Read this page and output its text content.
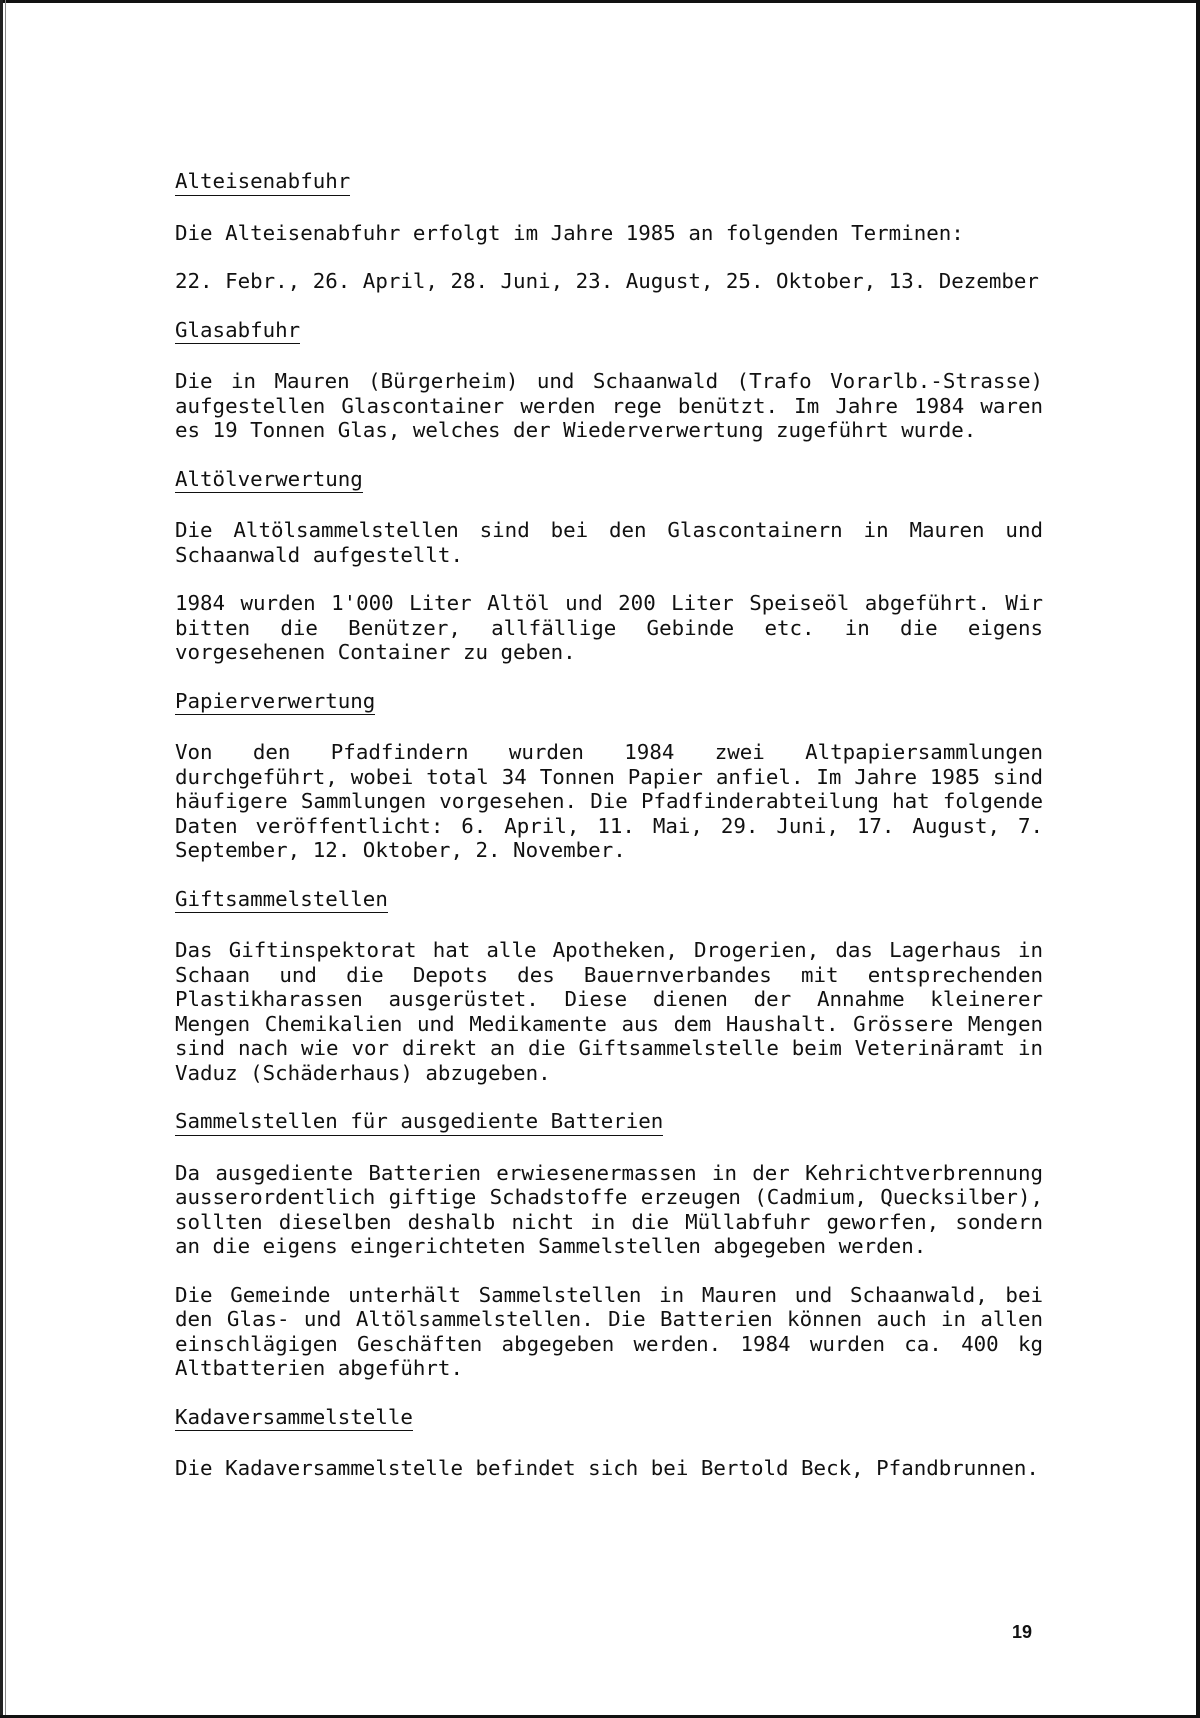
Alteisenabfuhr

Die Alteisenabfuhr erfolgt im Jahre 1985 an folgenden Terminen:

22. Febr., 26. April, 28. Juni, 23. August, 25. Oktober, 13. Dezember

Glasabfuhr

Die in Mauren (Bürgerheim) und Schaanwald (Trafo Vorarlb.-Strasse) aufgestellen Glascontainer werden rege benützt. Im Jahre 1984 waren es 19 Tonnen Glas, welches der Wiederverwertung zugeführt wurde.

Altölverwertung

Die Altölsammelstellen sind bei den Glascontainern in Mauren und Schaanwald aufgestellt.

1984 wurden 1'000 Liter Altöl und 200 Liter Speiseöl abgeführt. Wir bitten die Benützer, allfällige Gebinde etc. in die eigens vorgesehenen Container zu geben.

Papierverwertung

Von den Pfadfindern wurden 1984 zwei Altpapiersammlungen durchgeführt, wobei total 34 Tonnen Papier anfiel. Im Jahre 1985 sind häufigere Sammlungen vorgesehen. Die Pfadfinderabteilung hat folgende Daten veröffentlicht: 6. April, 11. Mai, 29. Juni, 17. August, 7. September, 12. Oktober, 2. November.

Giftsammelstellen

Das Giftinspektorat hat alle Apotheken, Drogerien, das Lagerhaus in Schaan und die Depots des Bauernverbandes mit entsprechenden Plastikharassen ausgerüstet. Diese dienen der Annahme kleinerer Mengen Chemikalien und Medikamente aus dem Haushalt. Grössere Mengen sind nach wie vor direkt an die Giftsammelstelle beim Veterinäramt in Vaduz (Schäderhaus) abzugeben.

Sammelstellen für ausgediente Batterien

Da ausgediente Batterien erwiesenermassen in der Kehrichtverbrennung ausserordentlich giftige Schadstoffe erzeugen (Cadmium, Quecksilber), sollten dieselben deshalb nicht in die Müllabfuhr geworfen, sondern an die eigens eingerichteten Sammelstellen abgegeben werden.

Die Gemeinde unterhält Sammelstellen in Mauren und Schaanwald, bei den Glas- und Altölsammelstellen. Die Batterien können auch in allen einschlägigen Geschäften abgegeben werden. 1984 wurden ca. 400 kg Altbatterien abgeführt.

Kadaversammelstelle

Die Kadaversammelstelle befindet sich bei Bertold Beck, Pfandbrunnen.

19
